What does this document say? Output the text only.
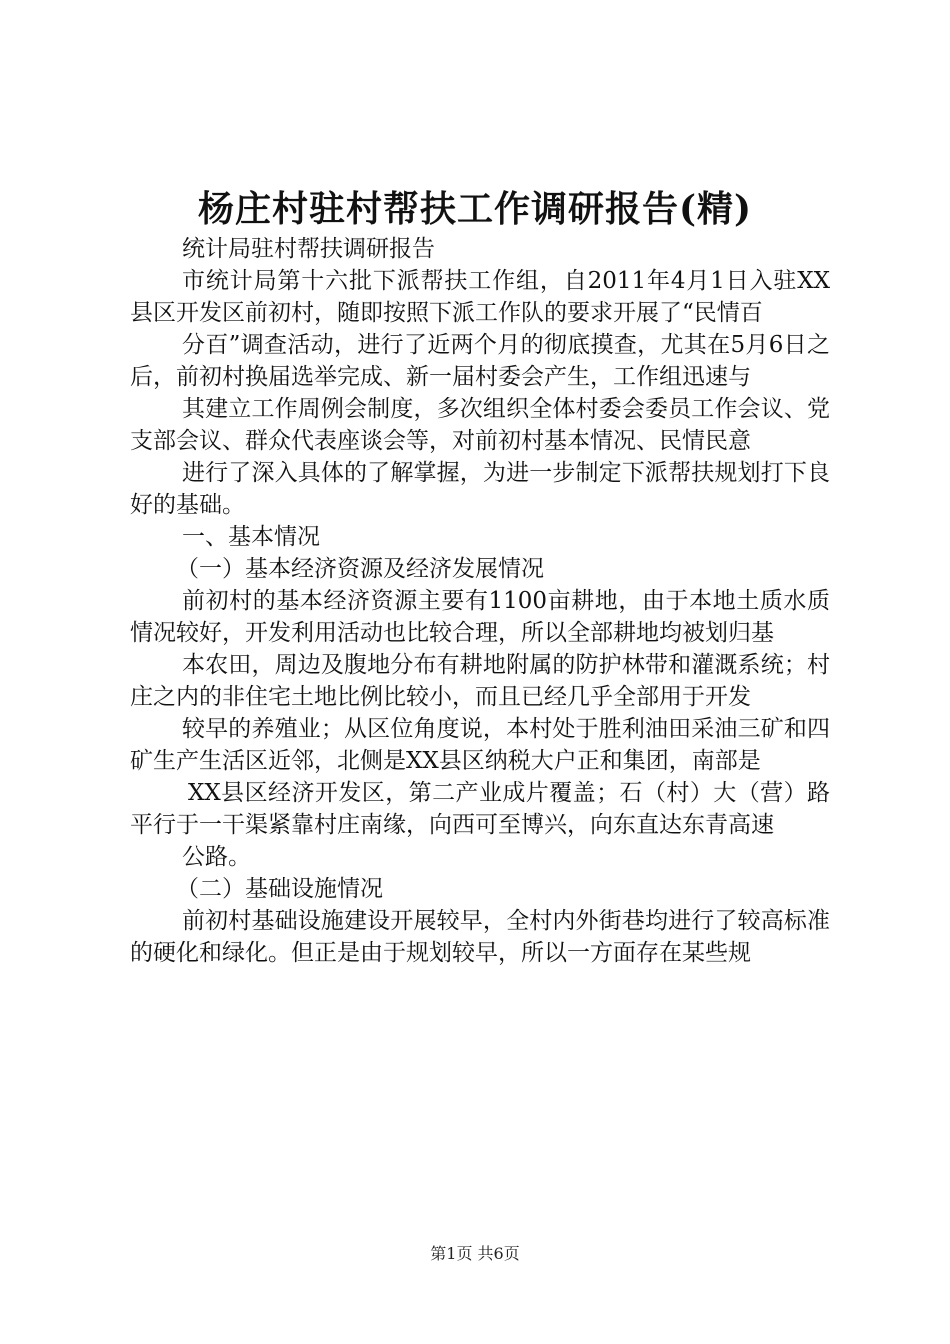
杨庄村驻村帮扶工作调研报告(精)

统计局驻村帮扶调研报告

市统计局第十六批下派帮扶工作组，自2011年4月1日入驻XX县区开发区前初村，随即按照下派工作队的要求开展了“民情百

分百”调查活动，进行了近两个月的彻底摸查，尤其在5月6日之后，前初村换届选举完成、新一届村委会产生，工作组迅速与

其建立工作周例会制度，多次组织全体村委会委员工作会议、党支部会议、群众代表座谈会等，对前初村基本情况、民情民意

进行了深入具体的了解掌握，为进一步制定下派帮扶规划打下良好的基础。

一、基本情况

（一）基本经济资源及经济发展情况

前初村的基本经济资源主要有1100亩耕地，由于本地土质水质情况较好，开发利用活动也比较合理，所以全部耕地均被划归基

本农田，周边及腹地分布有耕地附属的防护林带和灌溉系统；村庄之内的非住宅土地比例比较小，而且已经几乎全部用于开发

较早的养殖业；从区位角度说，本村处于胜利油田采油三矿和四矿生产生活区近邻，北侧是XX县区纳税大户正和集团，南部是

XX县区经济开发区，第二产业成片覆盖；石（村）大（营）路平行于一干渠紧靠村庄南缘，向西可至博兴，向东直达东青高速

公路。

（二）基础设施情况

前初村基础设施建设开展较早，全村内外街巷均进行了较高标准的硬化和绿化。但正是由于规划较早，所以一方面存在某些规

第1页 共6页
